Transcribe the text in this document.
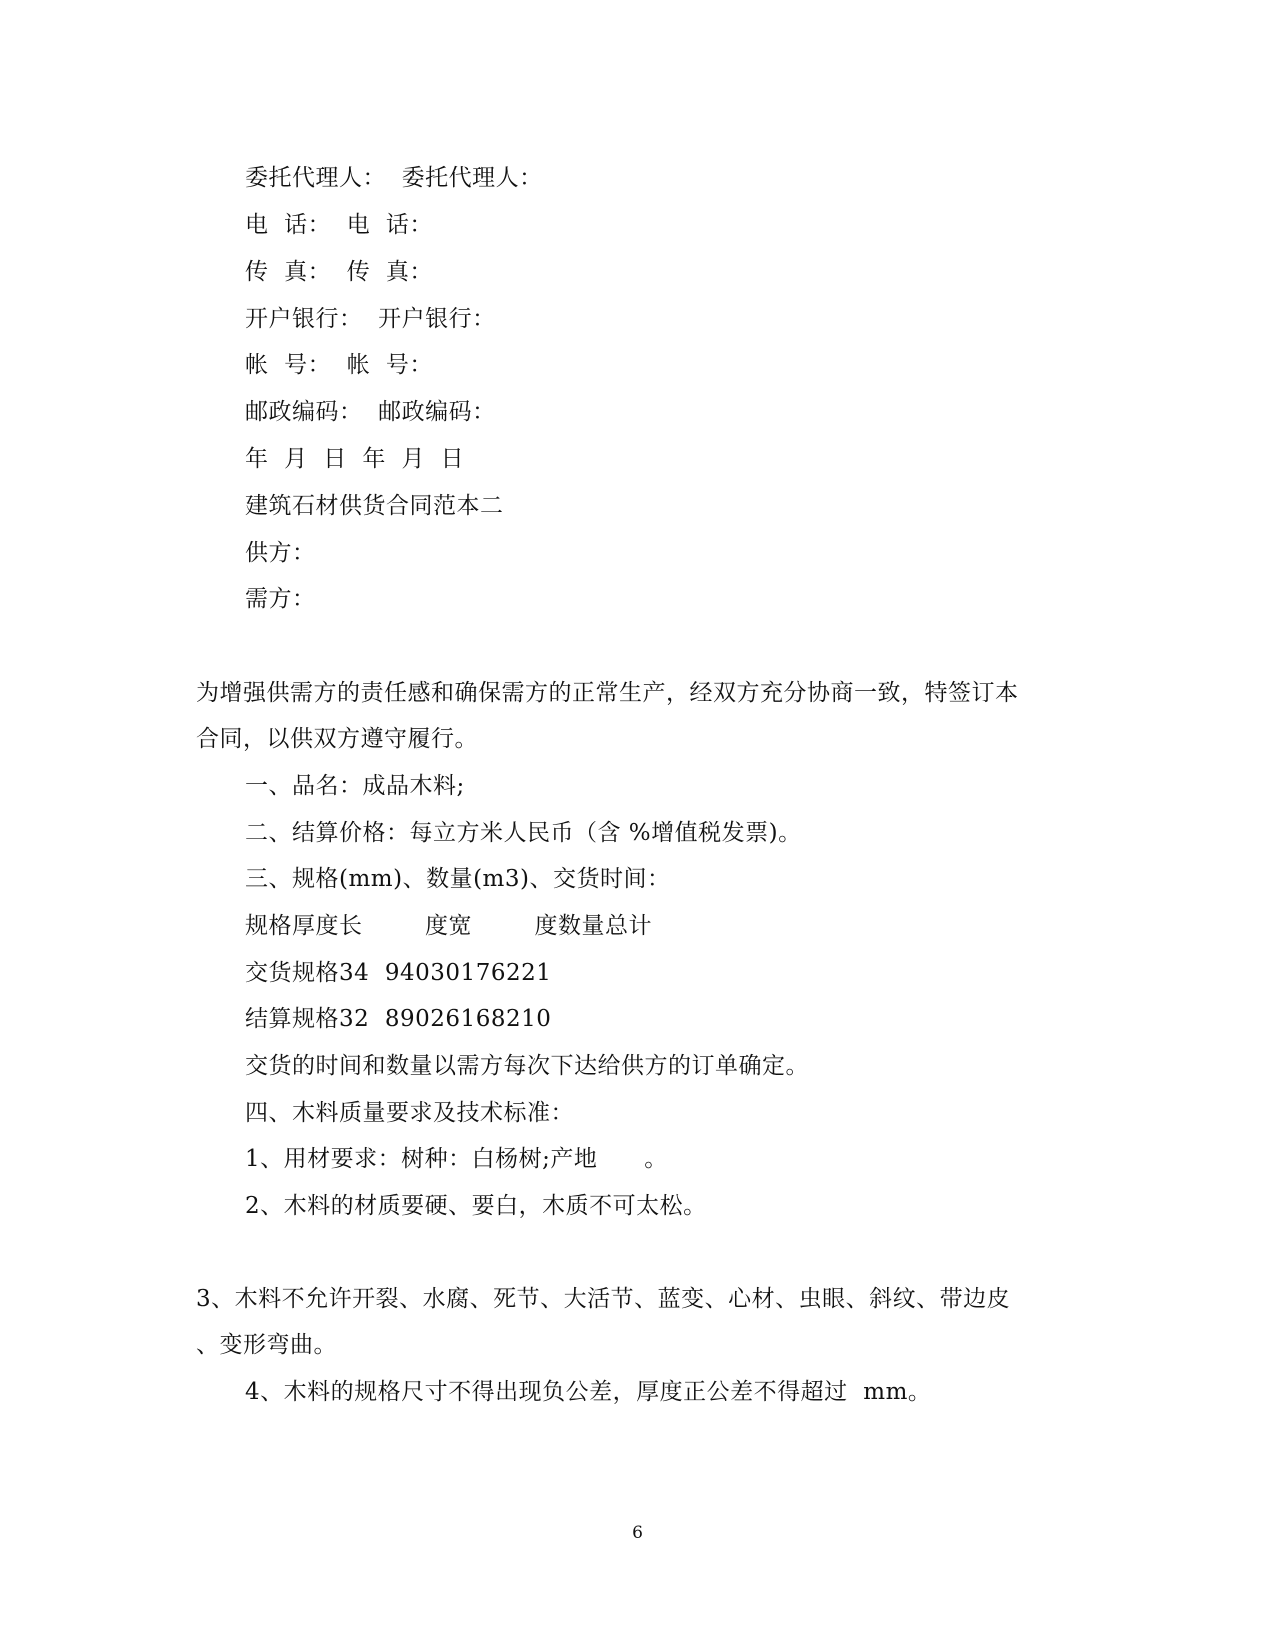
委托代理人：  委托代理人：
电  话：  电  话：
传  真：  传  真：
开户银行：  开户银行：
帐  号：  帐  号：
邮政编码：  邮政编码：
年  月  日  年  月  日
建筑石材供货合同范本二
供方：
需方：
为增强供需方的责任感和确保需方的正常生产，经双方充分协商一致，特签订本
合同，以供双方遵守履行。
一、品名：成品木料;
二、结算价格：每立方米人民币（含 %增值税发票)。
三、规格(mm)、数量(m3)、交货时间：
规格厚度长        度宽        度数量总计
交货规格34  94030176221
结算规格32  89026168210
交货的时间和数量以需方每次下达给供方的订单确定。
四、木料质量要求及技术标准：
1、用材要求：树种：白杨树;产地      。
2、木料的材质要硬、要白，木质不可太松。
3、木料不允许开裂、水腐、死节、大活节、蓝变、心材、虫眼、斜纹、带边皮
、变形弯曲。
4、木料的规格尺寸不得出现负公差，厚度正公差不得超过  mm。
6
